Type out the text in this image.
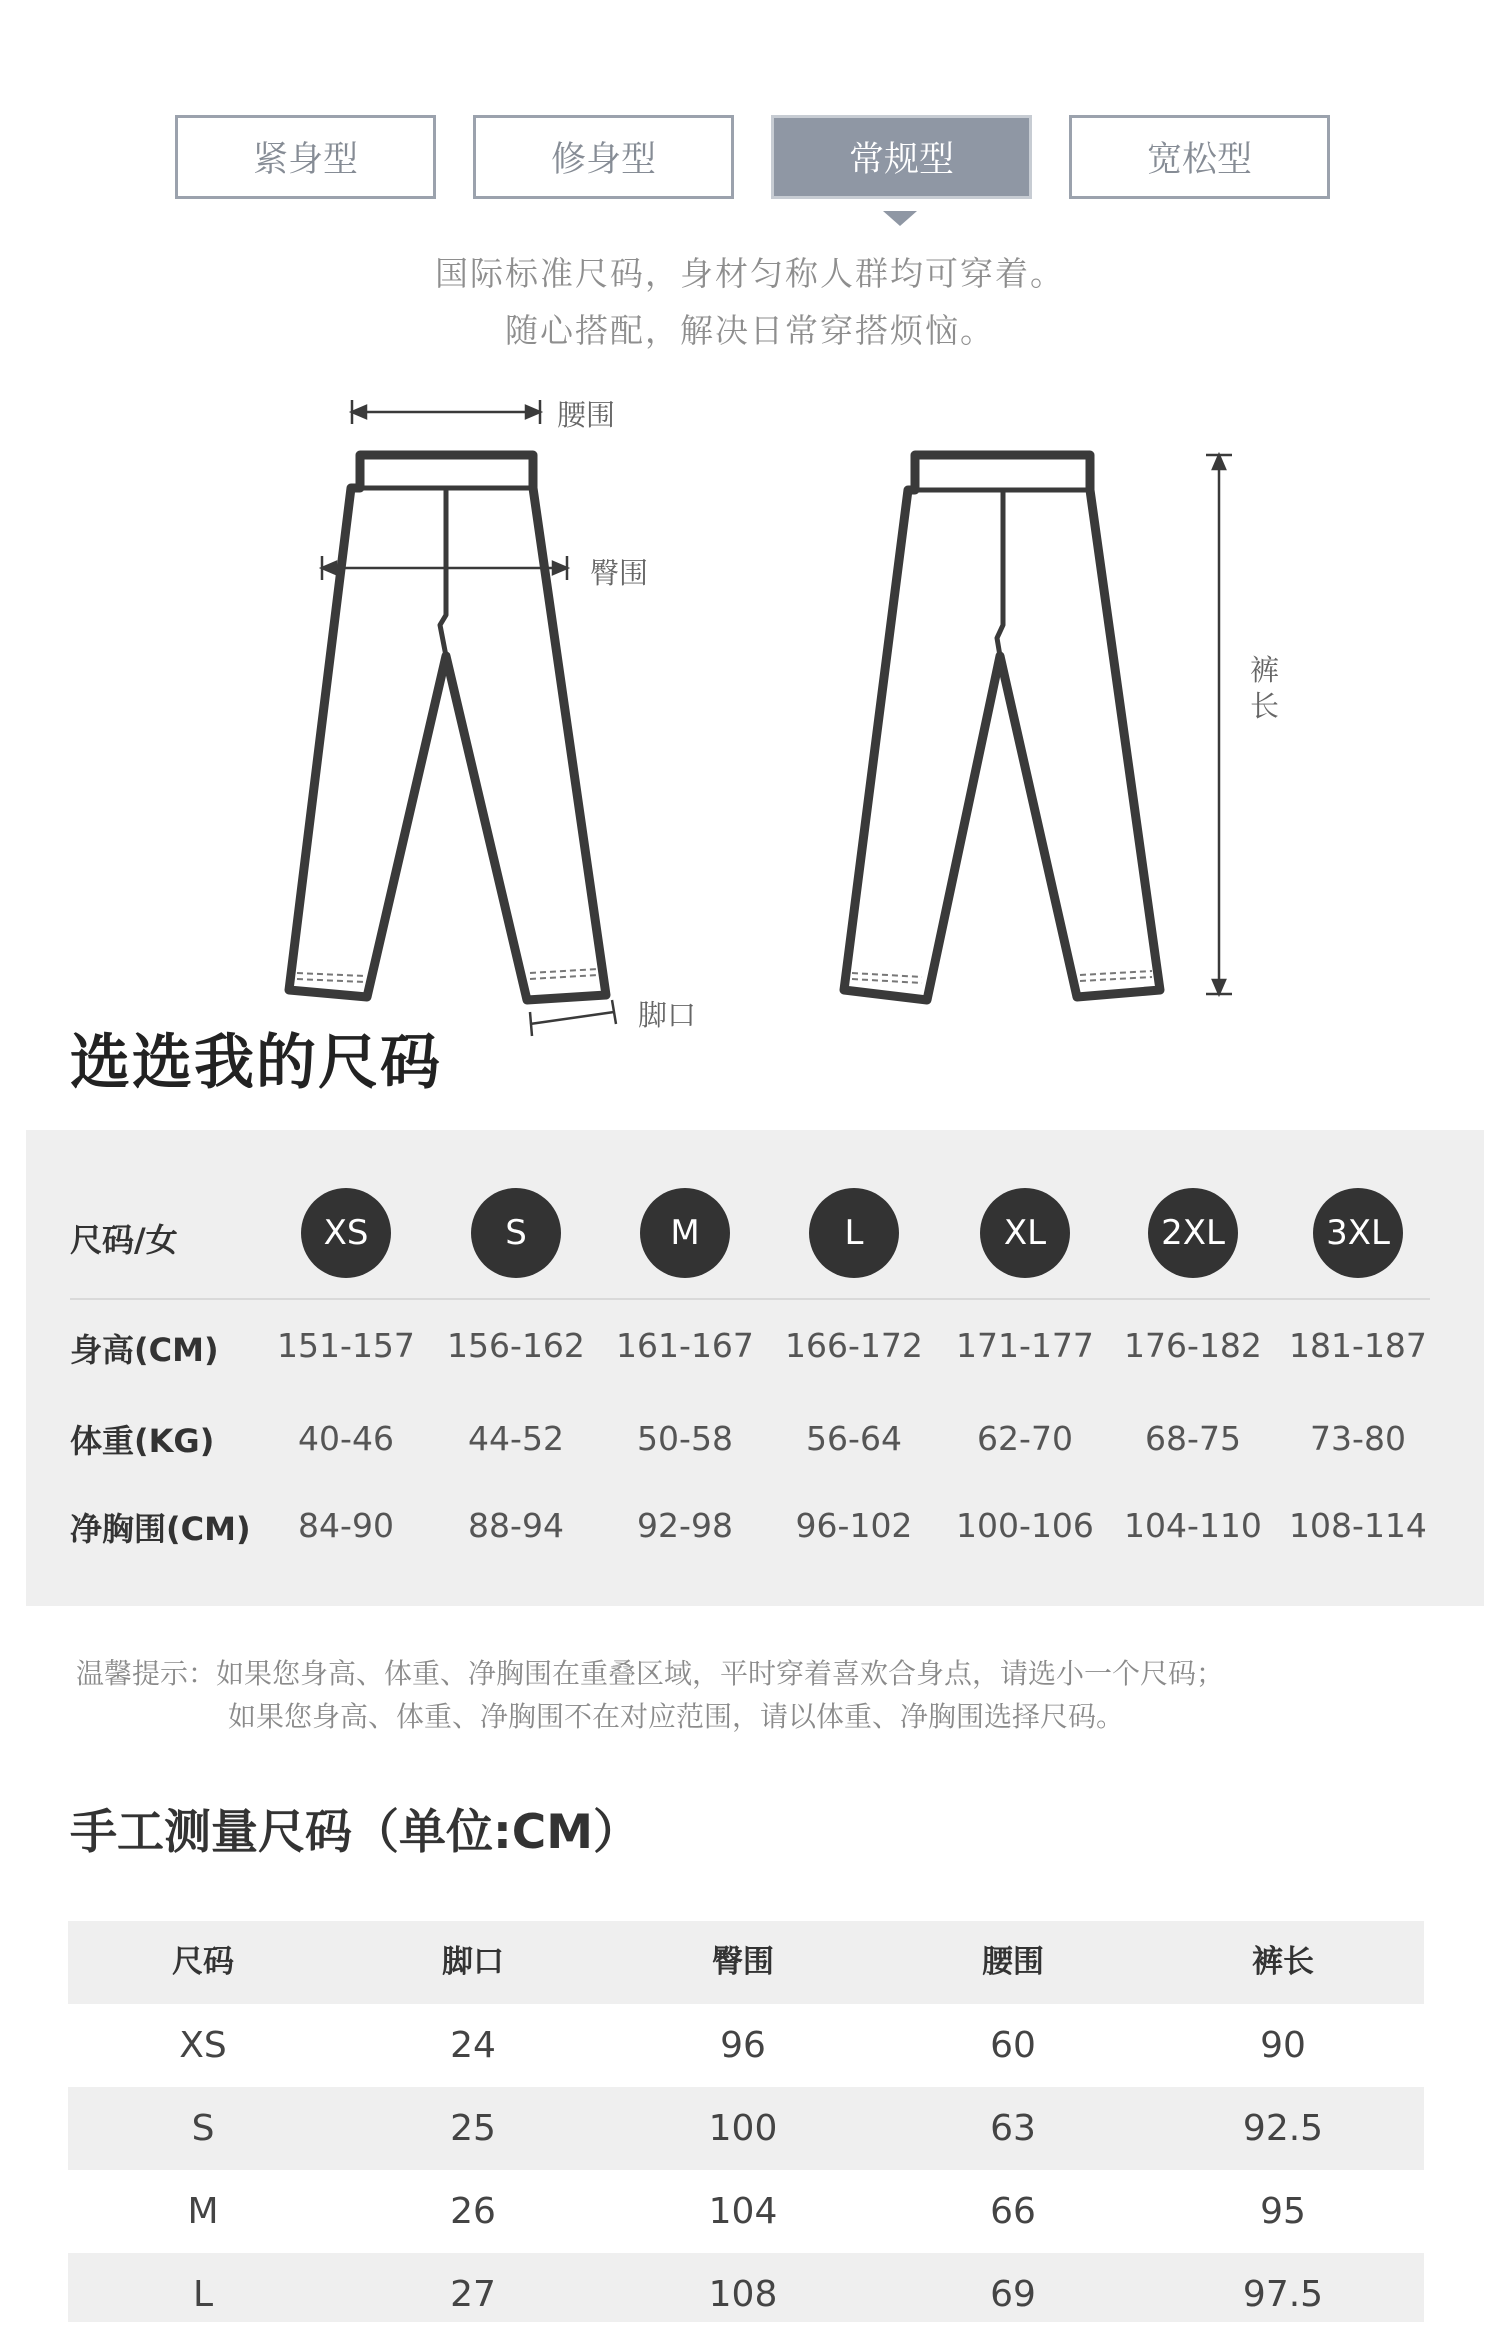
紧身型	修身型	常规型	宽松型
国际标准尺码，身材匀称人群均可穿着。
随心搭配，解决日常穿搭烦恼。
腰围
臀围
脚口
裤
长
选选我的尺码
尺码/女	XS	S	M	L	XL	2XL	3XL
身高(CM)	151-157 156-162 161-167 166-172	171-177 176-182 181-187
体重(KG)	40-46	44-52	50-58	56-64	62-70	68-75	73-80
净胸围(CM)	84-90	88-94	92-98	96-102	100-106 104-110 108-114
温馨提示：如果您身高、体重、净胸围在重叠区域，平时穿着喜欢合身点，请选小一个尺码；
如果您身高、体重、净胸围不在对应范围，请以体重、净胸围选择尺码。
手工测量尺码（单位:CM）
尺码	脚口	臀围	腰围	裤长
XS	24	96	60	90
S	25	100	63	92.5
M	26	104	66	95
L	27	108	69	97.5
